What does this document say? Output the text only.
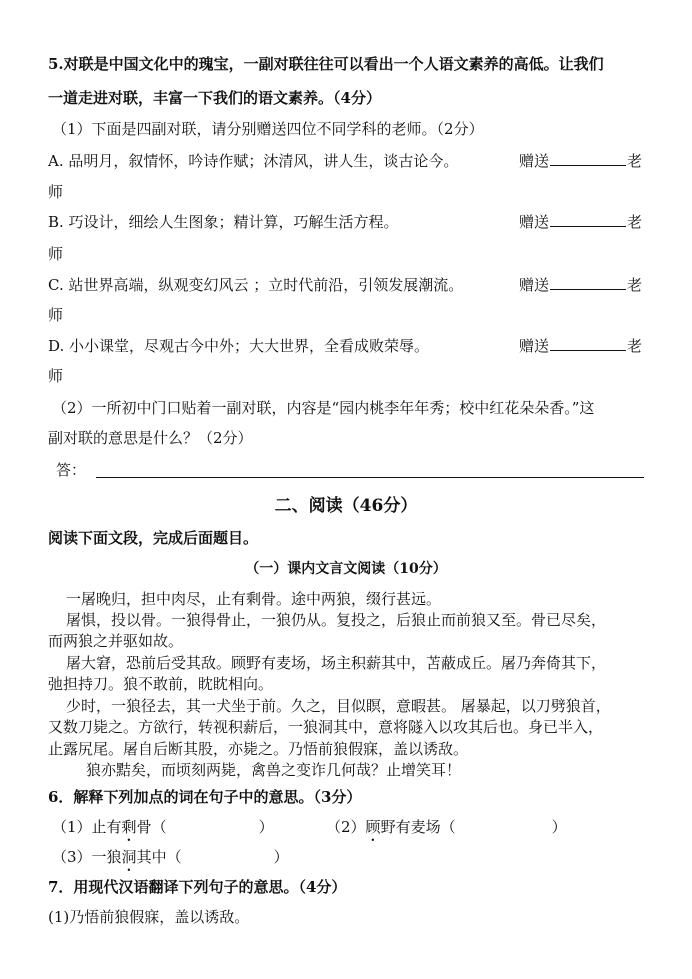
5.对联是中国文化中的瑰宝，一副对联往往可以看出一个人语文素养的高低。让我们
一道走进对联，丰富一下我们的语文素养。（4分）
（1）下面是四副对联，请分别赠送四位不同学科的老师。（2分）
A. 品明月，叙情怀，吟诗作赋；沐清风，讲人生，谈古论今。	赠送	老
师
B. 巧设计，细绘人生图象；精计算，巧解生活方程。	赠送	老
师
C. 站世界高端，纵观变幻风云 ；立时代前沿，引领发展潮流。	赠送	老
师
D. 小小课堂，尽观古今中外；大大世界，全看成败荣辱。	赠送	老
师
（2）一所初中门口贴着一副对联，内容是“园内桃李年年秀；校中红花朵朵香。”这
副对联的意思是什么？（2分）
答：
二、阅读（46分）
阅读下面文段，完成后面题目。
（一）课内文言文阅读（10分）
一屠晚归，担中肉尽，止有剩骨。途中两狼，缀行甚远。
屠惧，投以骨。一狼得骨止，一狼仍从。复投之，后狼止而前狼又至。骨已尽矣，
而两狼之并驱如故。
屠大窘，恐前后受其敌。顾野有麦场，场主积薪其中，苫蔽成丘。屠乃奔倚其下，
弛担持刀。狼不敢前，眈眈相向。
少时，一狼径去，其一犬坐于前。久之，目似瞑，意暇甚。 屠暴起，以刀劈狼首，
又数刀毙之。方欲行，转视积薪后，一狼洞其中，意将隧入以攻其后也。身已半入，
止露尻尾。屠自后断其股，亦毙之。乃悟前狼假寐，盖以诱敌。
狼亦黠矣，而顷刻两毙，禽兽之变诈几何哉？止增笑耳！
6．解释下列加点的词在句子中的意思。（3分）
（1）止有剩骨（	）	（2）顾野有麦场（	）
（3）一狼洞其中（	）
7．用现代汉语翻译下列句子的意思。（4分）
(1)乃悟前狼假寐，盖以诱敌。
